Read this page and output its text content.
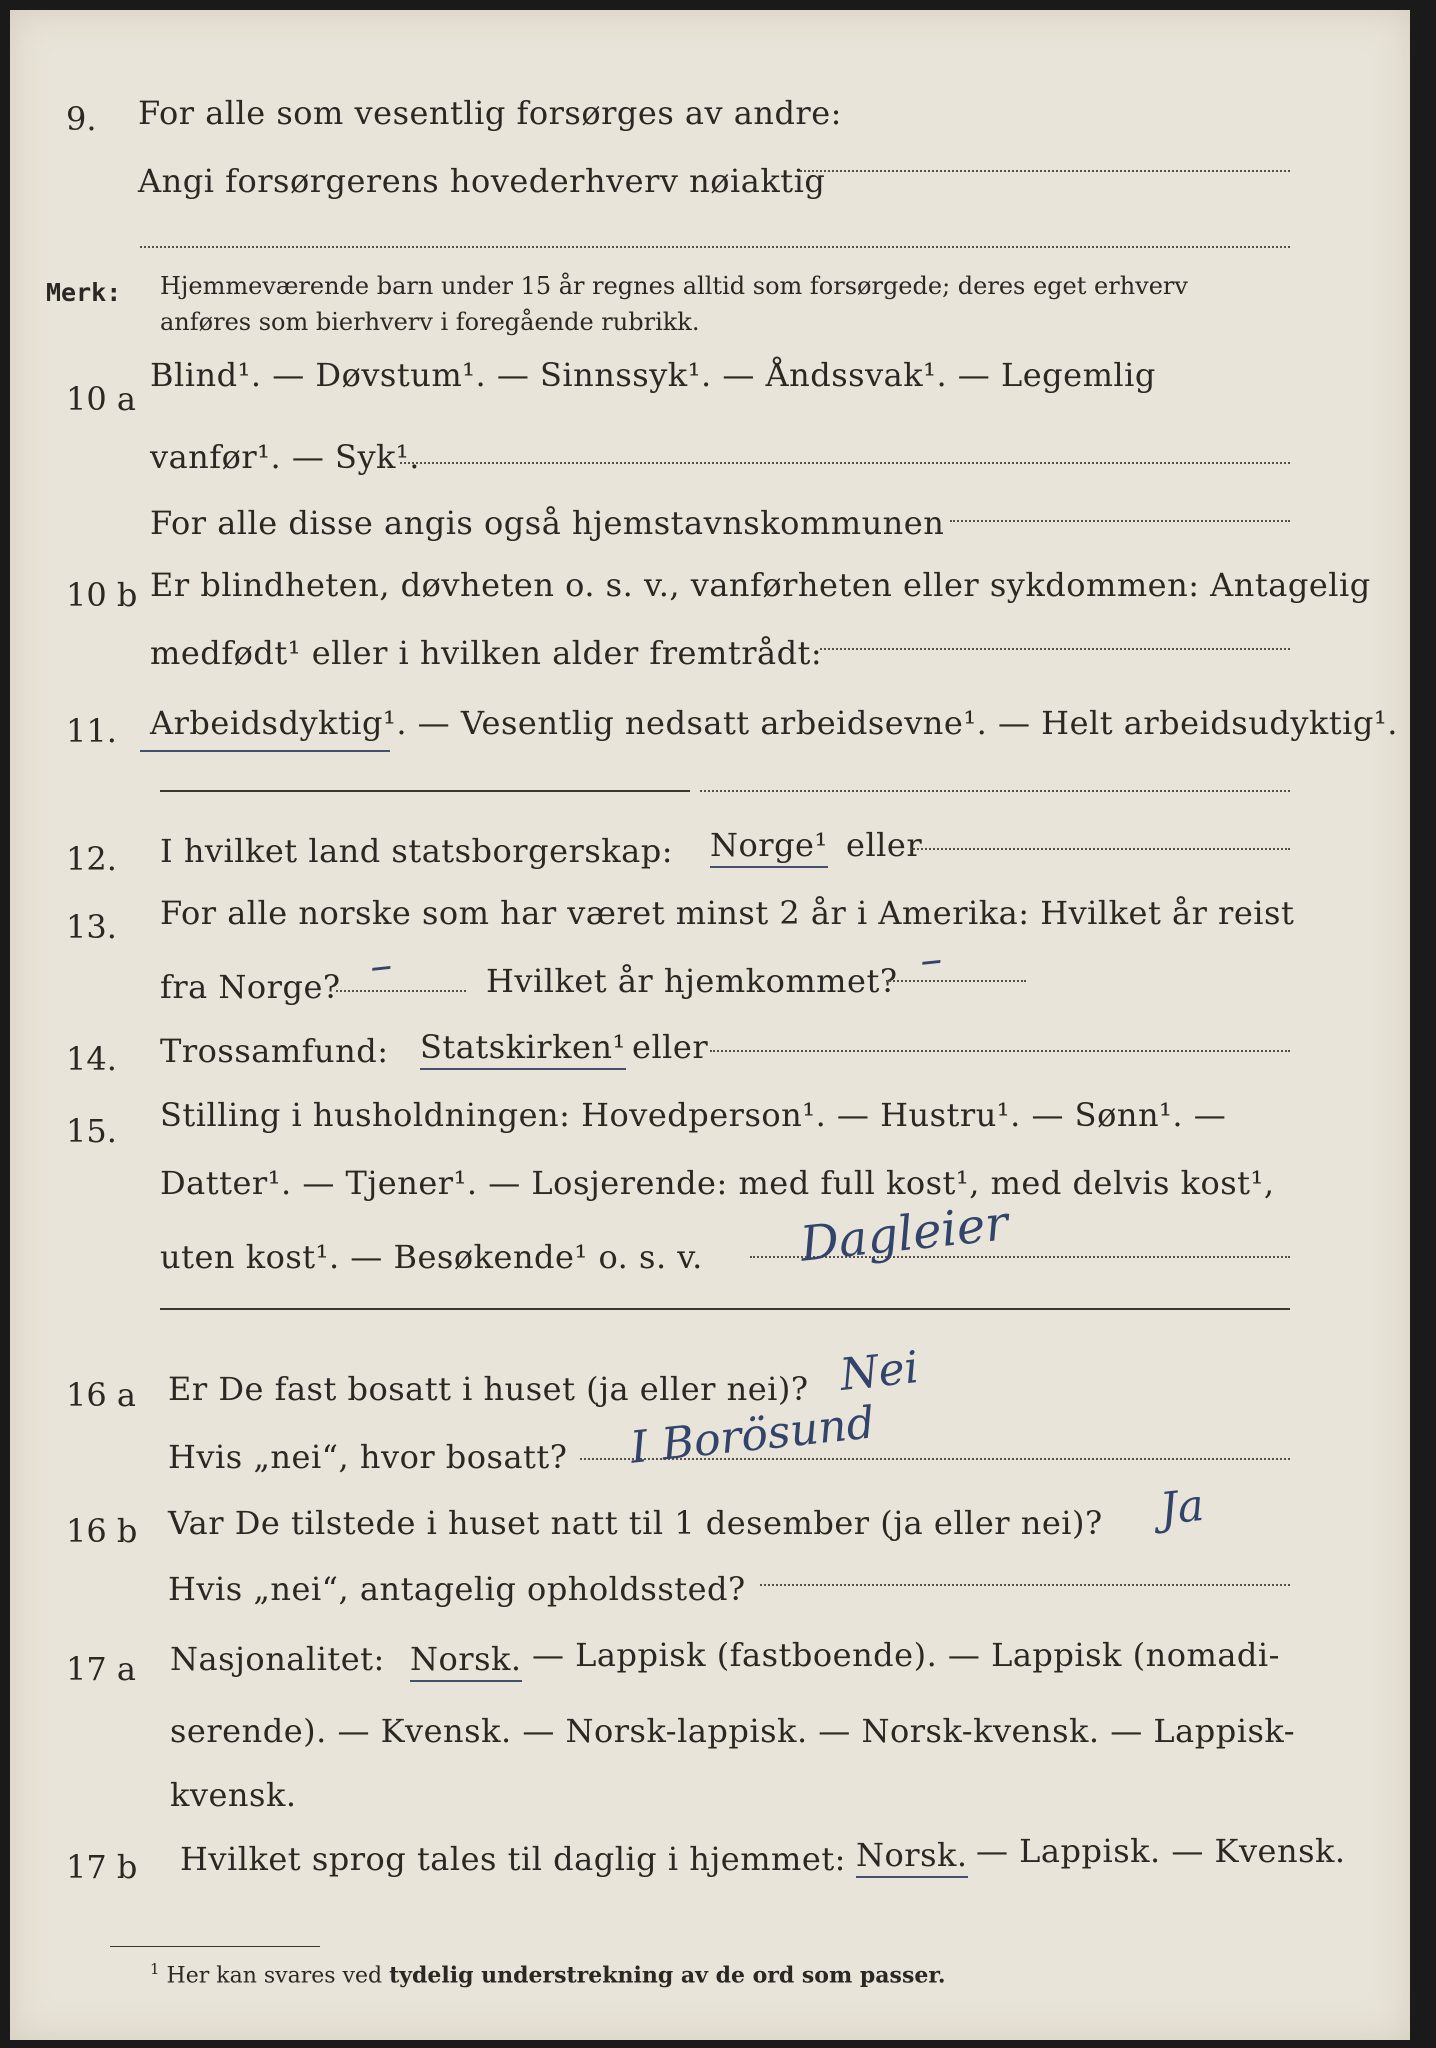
9. For alle som vesentlig forsørges av andre:
Angi forsørgerens hovederhverv nøiaktig
Merk: Hjemmeværende barn under 15 år regnes alltid som forsørgede; deres eget erhverv
anføres som bierhverv i foregående rubrikk.
10 a
Blind¹. — Døvstum¹. — Sinnssyk¹. — Åndssvak¹. — Legemlig
vanfør¹. — Syk¹.
For alle disse angis også hjemstavnskommunen
10 b Er blindheten, døvheten o. s. v., vanførheten eller sykdommen: Antagelig
medfødt¹ eller i hvilken alder fremtrådt:
11. Arbeidsdyktig¹. — Vesentlig nedsatt arbeidsevne¹. — Helt arbeidsudyktig¹.
12. I hvilket land statsborgerskap: Norge¹ eller
13. For alle norske som har været minst 2 år i Amerika: Hvilket år reist
fra Norge? –	Hvilket år hjemkommet? –
14. Trossamfund: Statskirken¹ eller
15. Stilling i husholdningen: Hovedperson¹. — Hustru¹. — Sønn¹. —
Datter¹. — Tjener¹. — Losjerende: med full kost¹, med delvis kost¹,
uten kost¹. — Besøkende¹ o. s. v. Dagleier
16 a Er De fast bosatt i huset (ja eller nei)? Nei
Hvis „nei“, hvor bosatt? I Borösund
16 b Var De tilstede i huset natt til 1 desember (ja eller nei)? Ja
Hvis „nei“, antagelig opholdssted?
17 a Nasjonalitet: Norsk. — Lappisk (fastboende). — Lappisk (nomadi-
serende). — Kvensk. — Norsk-lappisk. — Norsk-kvensk. — Lappisk-
kvensk.
17 b Hvilket sprog tales til daglig i hjemmet: Norsk. — Lappisk. — Kvensk.
$^1$ Her kan svares ved tydelig understrekning av de ord som passer.
